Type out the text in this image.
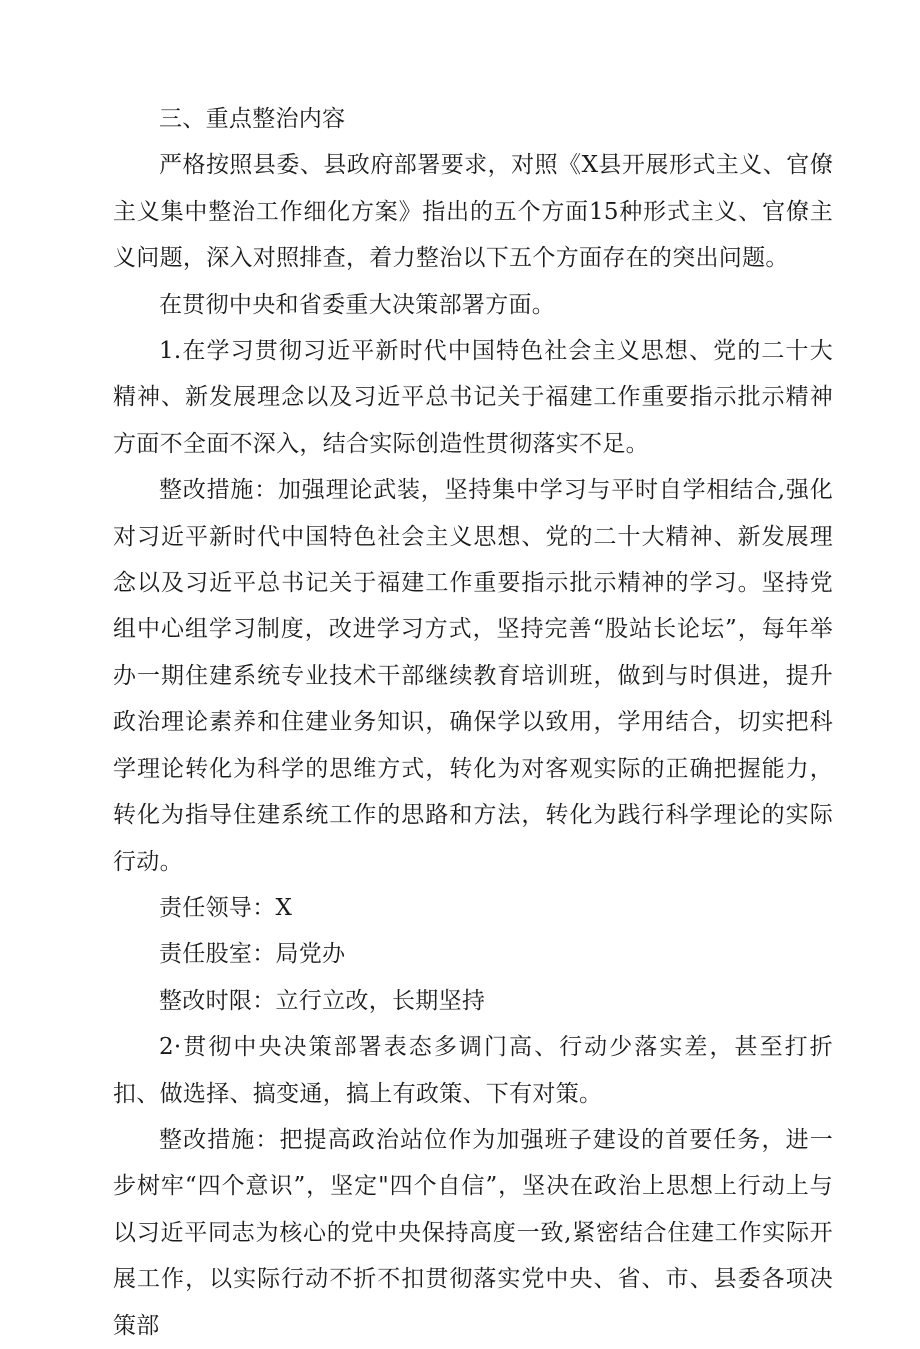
三、重点整治内容

严格按照县委、县政府部署要求，对照《X县开展形式主义、官僚主义集中整治工作细化方案》指出的五个方面15种形式主义、官僚主义问题，深入对照排查，着力整治以下五个方面存在的突出问题。

在贯彻中央和省委重大决策部署方面。

1.在学习贯彻习近平新时代中国特色社会主义思想、党的二十大精神、新发展理念以及习近平总书记关于福建工作重要指示批示精神方面不全面不深入，结合实际创造性贯彻落实不足。

整改措施：加强理论武装，坚持集中学习与平时自学相结合,强化对习近平新时代中国特色社会主义思想、党的二十大精神、新发展理念以及习近平总书记关于福建工作重要指示批示精神的学习。坚持党组中心组学习制度，改进学习方式，坚持完善“股站长论坛”，每年举办一期住建系统专业技术干部继续教育培训班，做到与时俱进，提升政治理论素养和住建业务知识，确保学以致用，学用结合，切实把科学理论转化为科学的思维方式，转化为对客观实际的正确把握能力，转化为指导住建系统工作的思路和方法，转化为践行科学理论的实际行动。

责任领导：X

责任股室：局党办

整改时限：立行立改，长期坚持

2·贯彻中央决策部署表态多调门高、行动少落实差，甚至打折扣、做选择、搞变通，搞上有政策、下有对策。

整改措施：把提高政治站位作为加强班子建设的首要任务，进一步树牢“四个意识”，坚定"四个自信”，坚决在政治上思想上行动上与以习近平同志为核心的党中央保持高度一致,紧密结合住建工作实际开展工作，以实际行动不折不扣贯彻落实党中央、省、市、县委各项决策部
